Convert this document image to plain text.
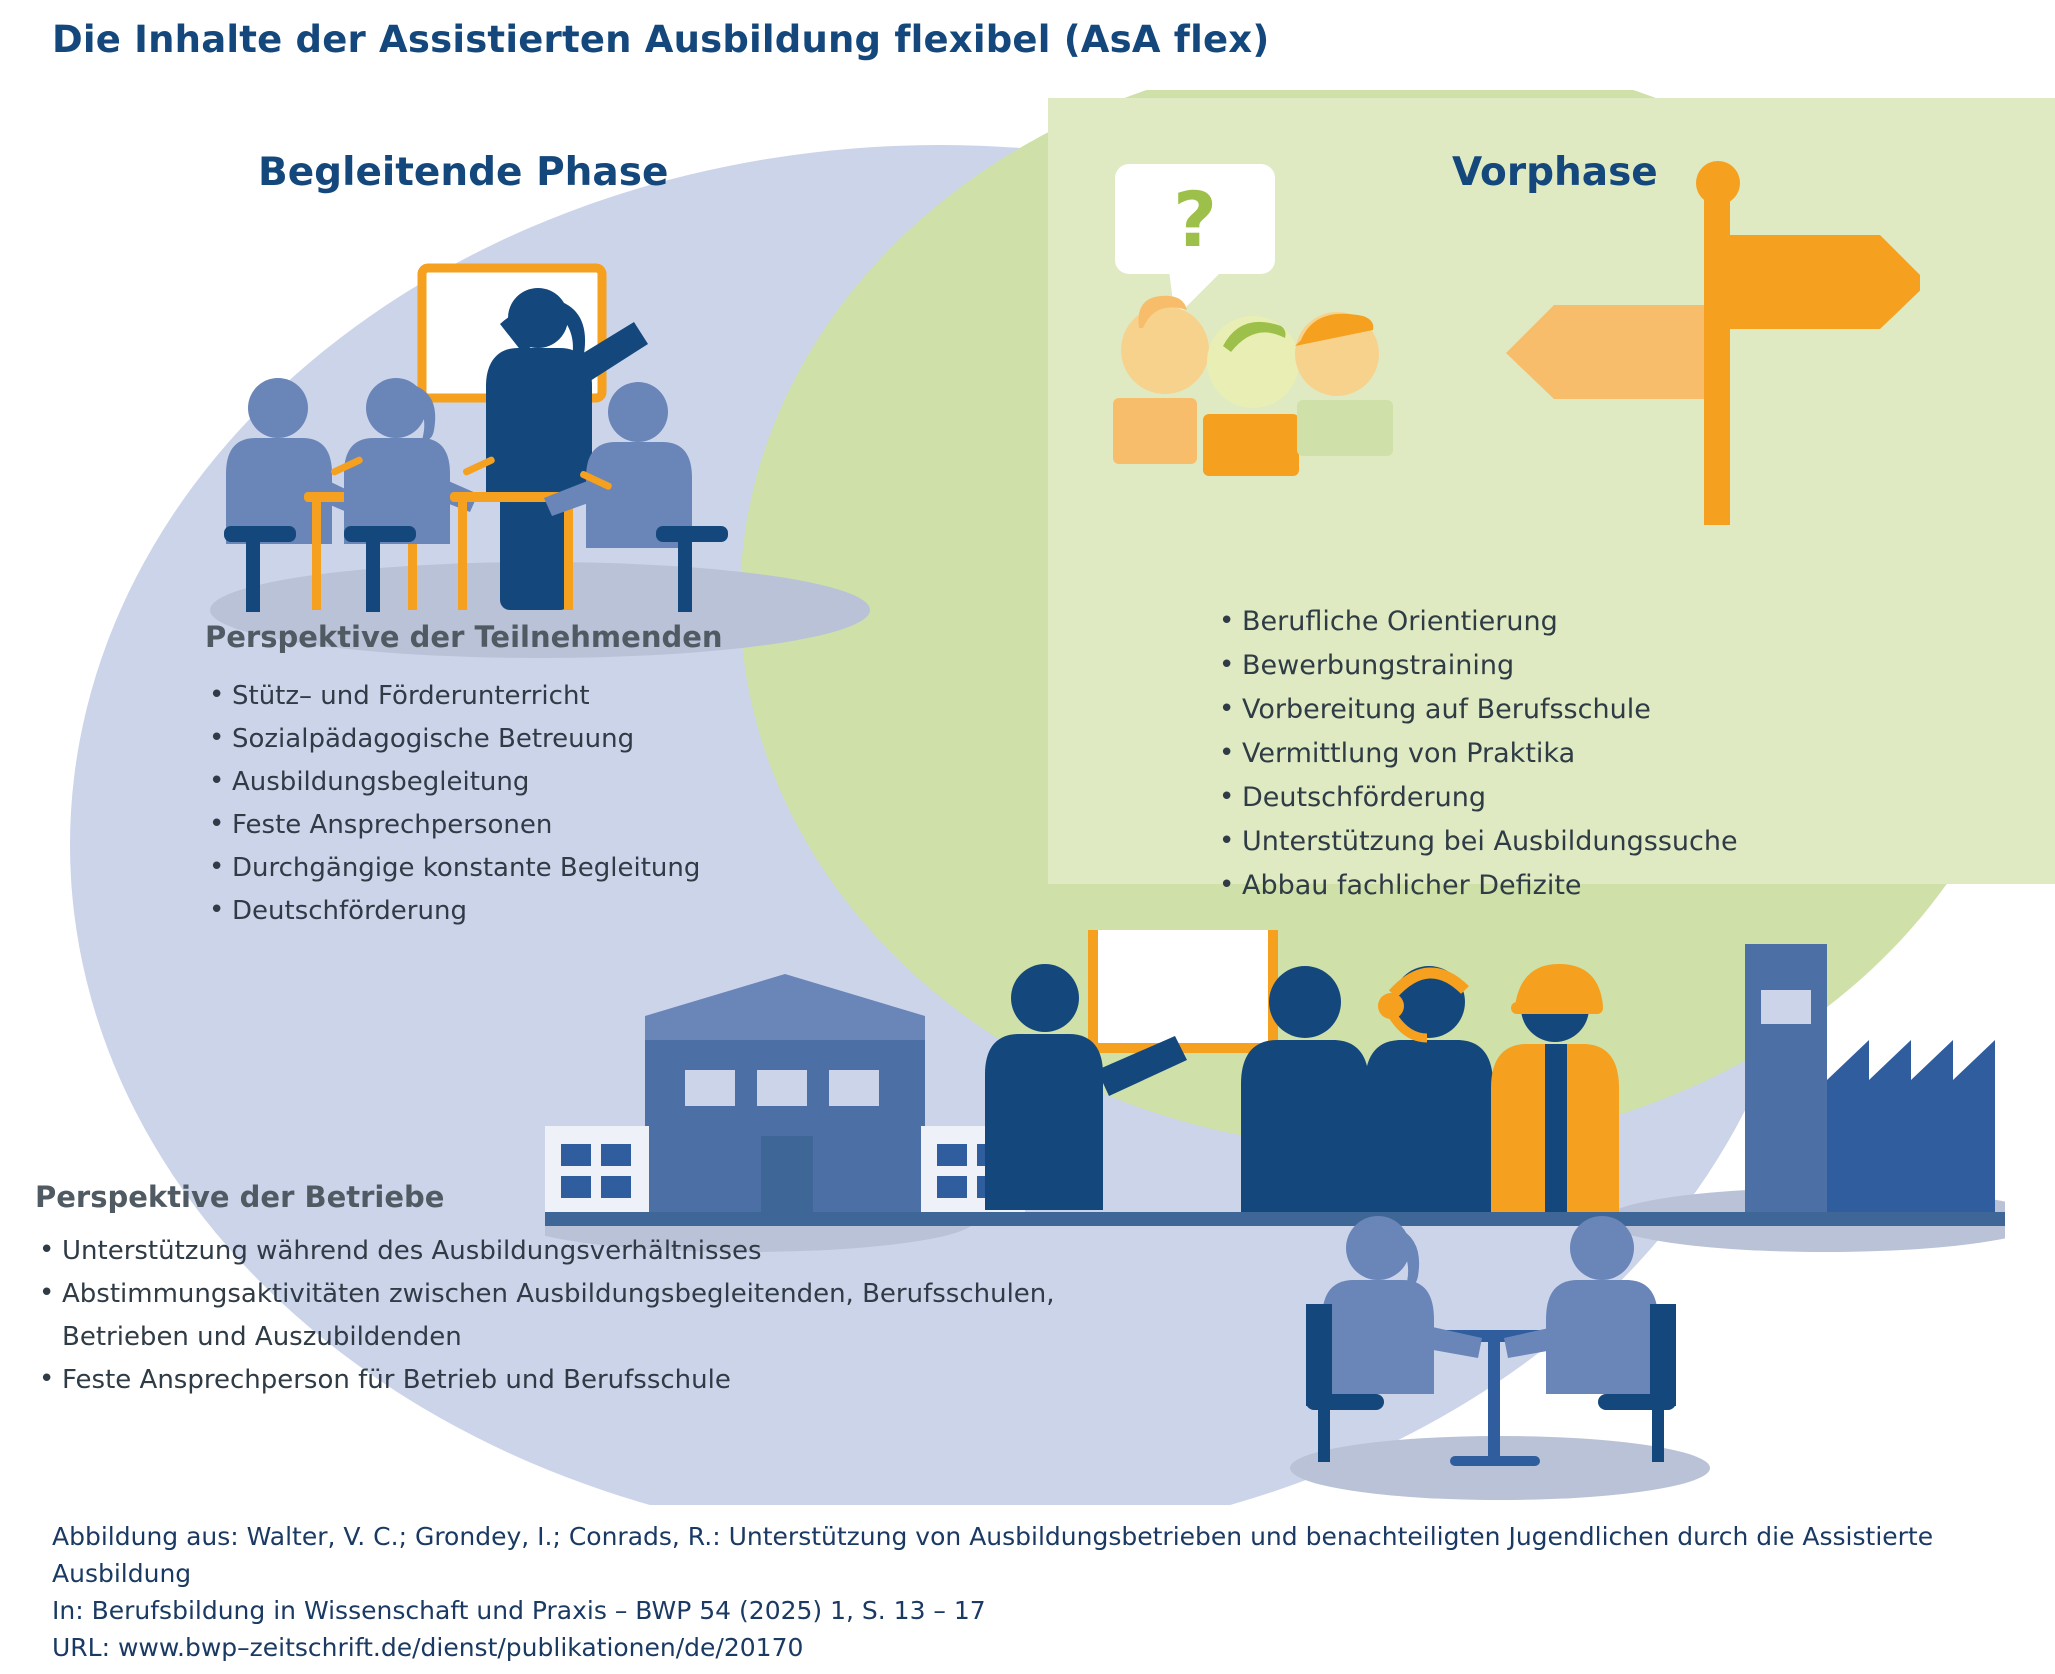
Die Inhalte der Assistierten Ausbildung flexibel (AsA flex)
?
Begleitende Phase	Vorphase
Perspektive der Teilnehmenden
Perspektive der Betriebe
• Stütz– und Förderunterricht
• Sozialpädagogische Betreuung
• Ausbildungsbegleitung
• Feste Ansprechpersonen
• Durchgängige konstante Begleitung
• Deutschförderung
• Berufliche Orientierung
• Bewerbungstraining
• Vorbereitung auf Berufsschule
• Vermittlung von Praktika
• Deutschförderung
• Unterstützung bei Ausbildungssuche
• Abbau fachlicher Defizite
• Unterstützung während des Ausbildungsverhältnisses
• Abstimmungsaktivitäten zwischen Ausbildungsbegleitenden, Berufsschulen, Betrieben und Auszubildenden
• Feste Ansprechperson für Betrieb und Berufsschule
Abbildung aus: Walter, V. C.; Grondey, I.; Conrads, R.: Unterstützung von Ausbildungsbetrieben und benachteiligten Jugendlichen durch die Assistierte Ausbildung
In: Berufsbildung in Wissenschaft und Praxis – BWP 54 (2025) 1, S. 13 – 17
URL: www.bwp–zeitschrift.de/dienst/publikationen/de/20170
